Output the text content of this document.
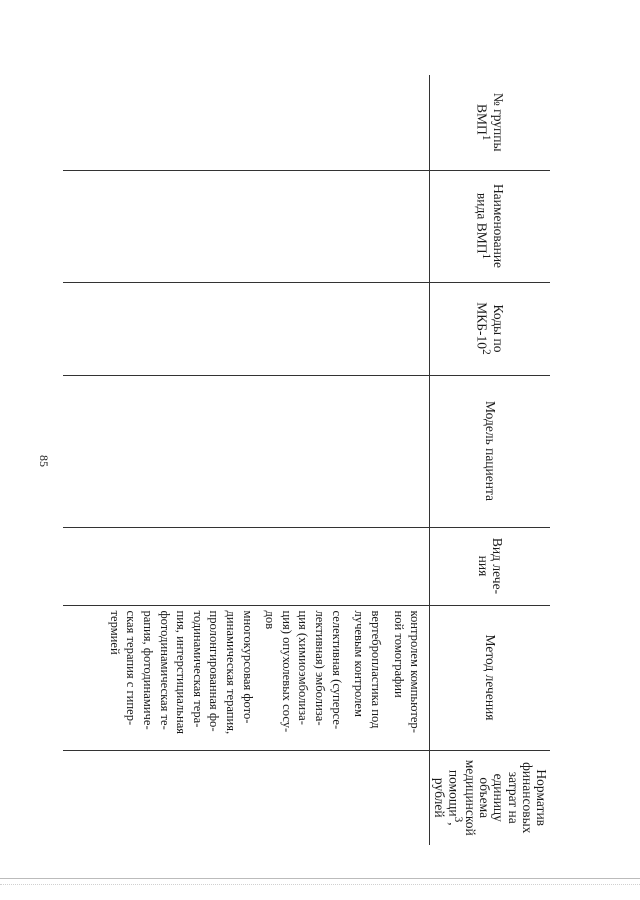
85
№ группы ВМП$^1$	Наименование вида ВМП$^1$	Коды по МКБ-$10^2$	Модель пациента	Вид лече-ния	Метод лечения	Норматив финансовых затрат на единицу объема медицинской помощи$^3$, рублей

					контролем компьютер-ной томографии
вертебропластика под лучевым контролем
селективная (суперсе-лективная) эмболиза-ция (химиоэмболиза-ция) опухолевых сосу-дов
многокурсовая фото-динамическая терапия, пролонгированная фо-тодинамическая тера-пия, интерстициальная фотодинамическая те-рапия, фотодинамиче-ская терапия с гипер-термией	
